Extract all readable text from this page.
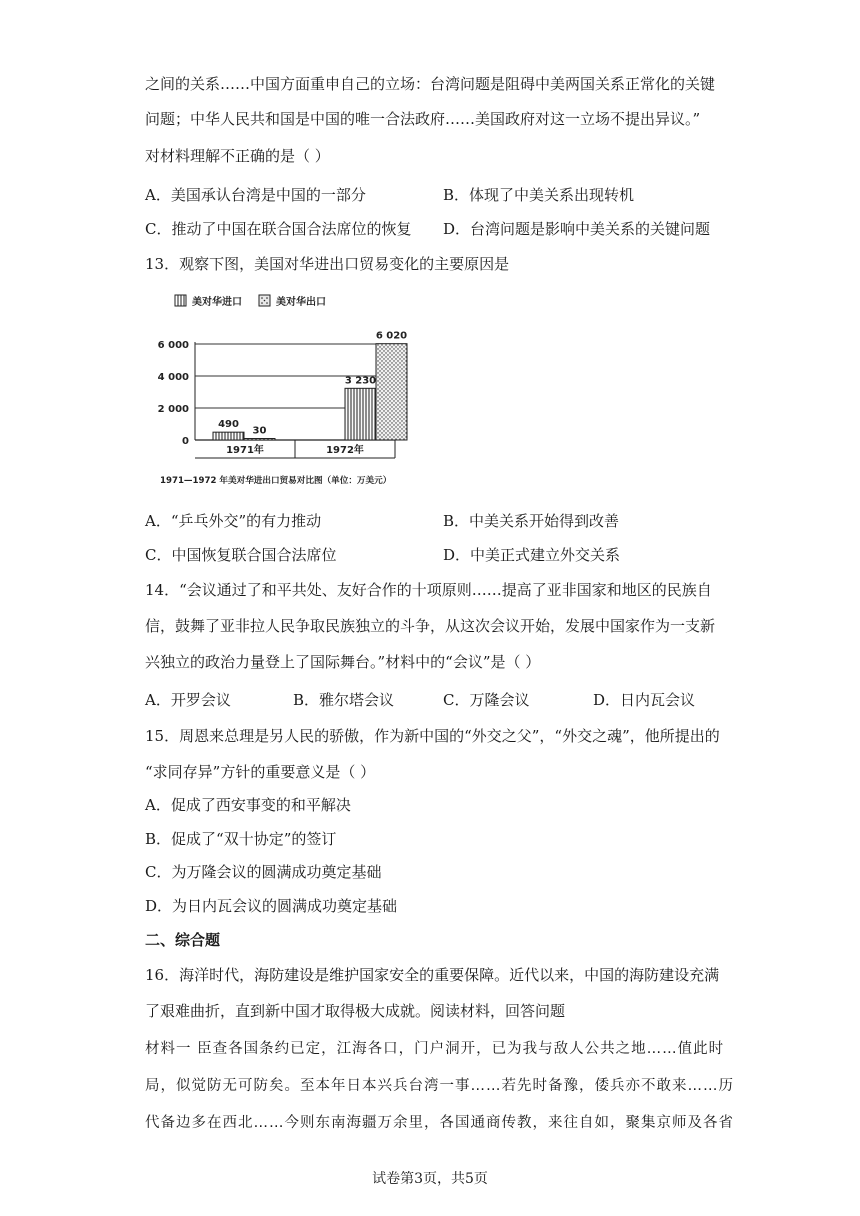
之间的关系……中国方面重申自己的立场：台湾问题是阻碍中美两国关系正常化的关键
问题；中华人民共和国是中国的唯一合法政府……美国政府对这一立场不提出异议。”
对材料理解不正确的是（ ）
A．美国承认台湾是中国的一部分	B．体现了中美关系出现转机
C．推动了中国在联合国合法席位的恢复 D．台湾问题是影响中美关系的关键问题
13．观察下图，美国对华进出口贸易变化的主要原因是
美对华进口	美对华出口
0
2 000
4 000
6 000
490
30
3 230
6 020
1971年	1972年
1971—1972 年美对华进出口贸易对比图（单位：万美元）
A．“乒乓外交”的有力推动	B．中美关系开始得到改善
C．中国恢复联合国合法席位	D．中美正式建立外交关系
14．“会议通过了和平共处、友好合作的十项原则……提高了亚非国家和地区的民族自
信，鼓舞了亚非拉人民争取民族独立的斗争，从这次会议开始，发展中国家作为一支新
兴独立的政治力量登上了国际舞台。”材料中的“会议”是（ ）
A．开罗会议	B．雅尔塔会议	C．万隆会议	D．日内瓦会议
15．周恩来总理是另人民的骄傲，作为新中国的“外交之父”，“外交之魂”，他所提出的
“求同存异”方针的重要意义是（ ）
A．促成了西安事变的和平解决
B．促成了“双十协定”的签订
C．为万隆会议的圆满成功奠定基础
D．为日内瓦会议的圆满成功奠定基础
二、综合题
16．海洋时代，海防建设是维护国家安全的重要保障。近代以来，中国的海防建设充满
了艰难曲折，直到新中国才取得极大成就。阅读材料，回答问题
材料一 臣查各国条约已定，江海各口，门户洞开，已为我与敌人公共之地……值此时
局，似觉防无可防矣。至本年日本兴兵台湾一事……若先时备豫，倭兵亦不敢来……历
代备边多在西北……今则东南海疆万余里，各国通商传教，来往自如，聚集京师及各省
试卷第3页，共5页
